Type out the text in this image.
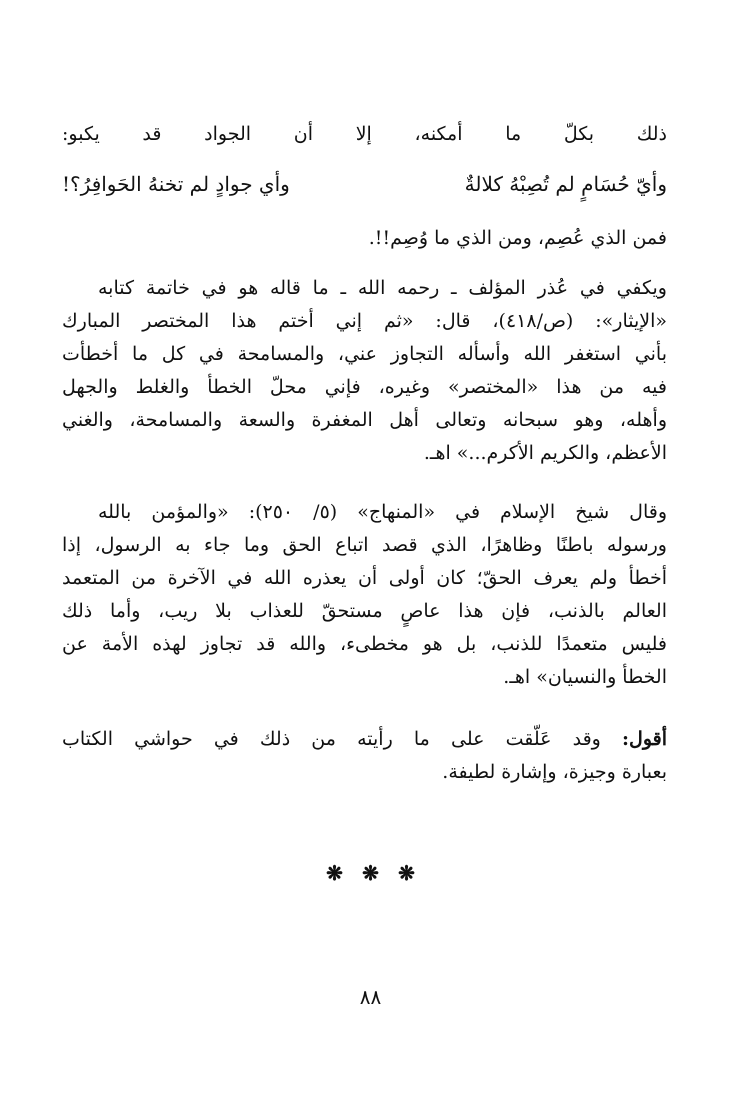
ذلك بكلّ ما أمكنه، إلا أن الجواد قد يكبو:
وأيّ حُسَامٍ لم تُصِبْهُ كلالةٌ
وأي جوادٍ لم تخنهُ الحَوافِرُ؟!
فمن الذي عُصِم، ومن الذي ما وُصِم!!.
ويكفي في عُذر المؤلف ـ رحمه الله ـ ما قاله هو في خاتمة كتابه
«الإيثار»: (ص/٤١٨)، قال: «ثم إني أختم هذا المختصر المبارك
بأني استغفر الله وأسأله التجاوز عني، والمسامحة في كل ما أخطأت
فيه من هذا «المختصر» وغيره، فإني محلّ الخطأ والغلط والجهل
وأهله، وهو سبحانه وتعالى أهل المغفرة والسعة والمسامحة، والغني
الأعظم، والكريم الأكرم...» اهـ.
وقال شيخ الإسلام في «المنهاج» (٥/ ٢٥٠): «والمؤمن بالله
ورسوله باطنًا وظاهرًا، الذي قصد اتباع الحق وما جاء به الرسول، إذا
أخطأ ولم يعرف الحقّ؛ كان أولى أن يعذره الله في الآخرة من المتعمد
العالم بالذنب، فإن هذا عاصٍ مستحقّ للعذاب بلا ريب، وأما ذلك
فليس متعمدًا للذنب، بل هو مخطىء، والله قد تجاوز لهذه الأمة عن
الخطأ والنسيان» اهـ.
أقول: وقد عَلّقت على ما رأيته من ذلك في حواشي الكتاب
بعبارة وجيزة، وإشارة لطيفة.
❋ ❋ ❋
٨٨
